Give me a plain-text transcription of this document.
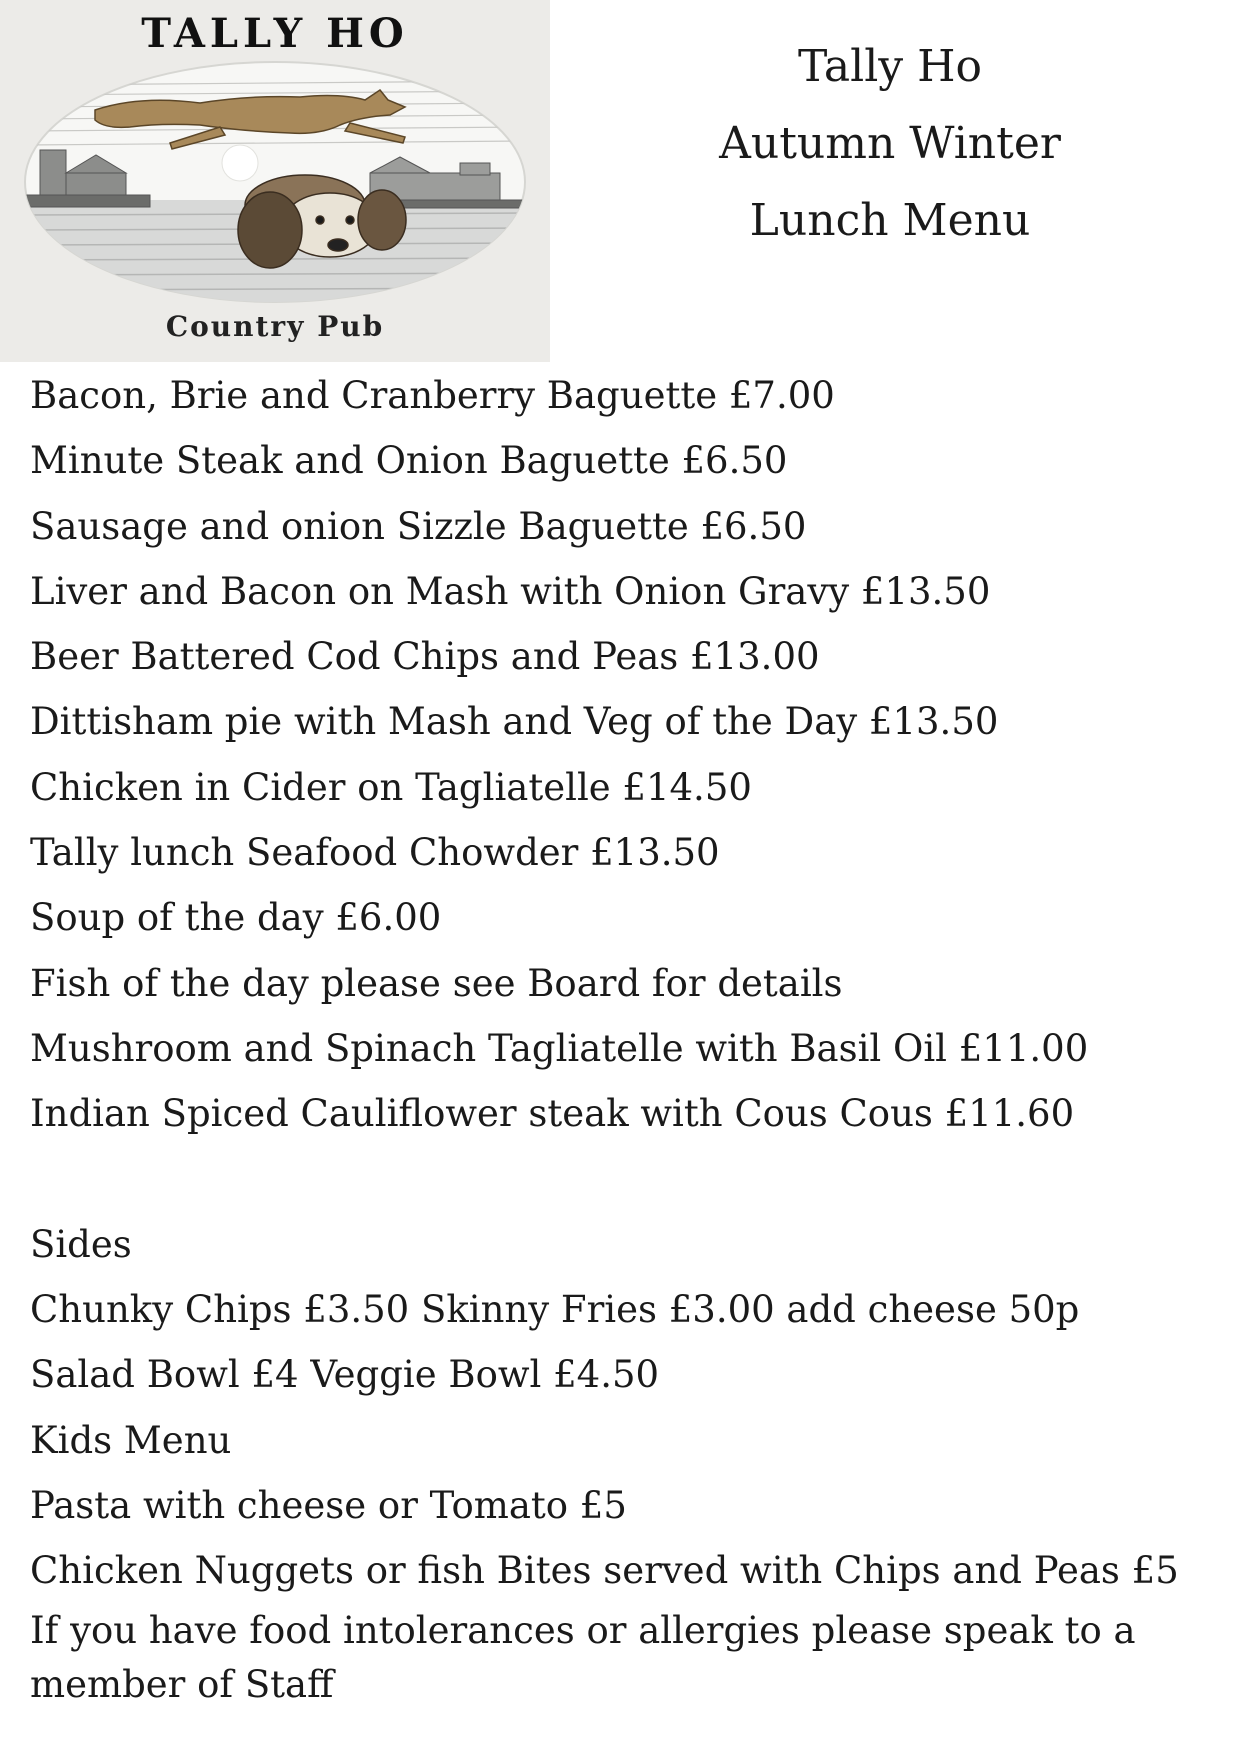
TALLY HO
Country Pub
Tally Ho
Autumn Winter
Lunch Menu
Bacon, Brie and Cranberry Baguette £7.00
Minute Steak and Onion Baguette £6.50
Sausage and onion Sizzle Baguette £6.50
Liver and Bacon on Mash with Onion Gravy £13.50
Beer Battered Cod Chips and Peas £13.00
Dittisham pie with Mash and Veg of the Day £13.50
Chicken in Cider on Tagliatelle £14.50
Tally lunch Seafood Chowder £13.50
Soup of the day £6.00
Fish of the day please see Board for details
Mushroom and Spinach Tagliatelle with Basil Oil £11.00
Indian Spiced Cauliflower steak with Cous Cous £11.60
Sides
Chunky Chips £3.50 Skinny Fries £3.00 add cheese 50p
Salad Bowl £4 Veggie Bowl £4.50
Kids Menu
Pasta with cheese or Tomato £5
Chicken Nuggets or fish Bites served with Chips and Peas £5
If you have food intolerances or allergies please speak to a member of Staff
